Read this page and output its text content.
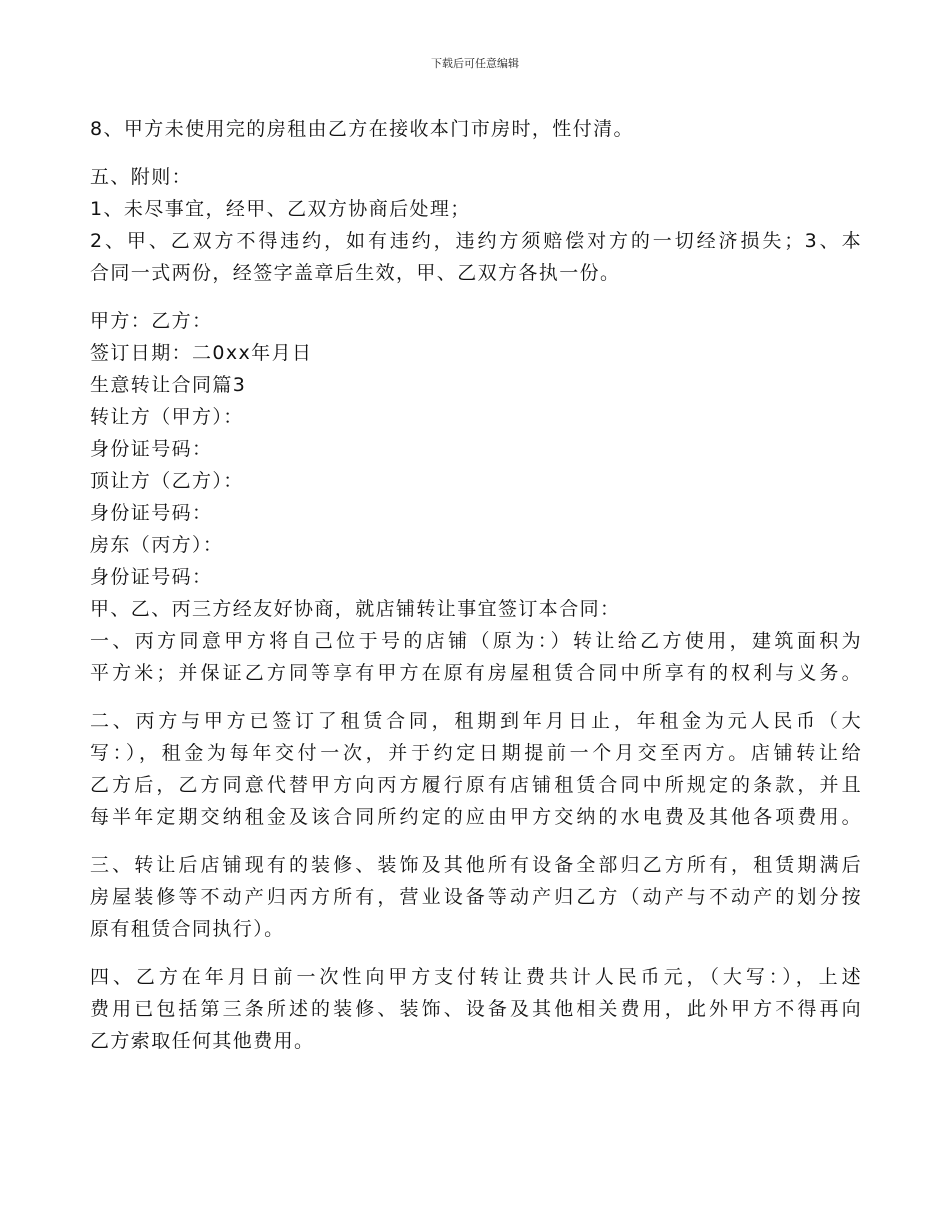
下载后可任意编辑
8、甲方未使用完的房租由乙方在接收本门市房时，性付清。
五、附则：
1、未尽事宜，经甲、乙双方协商后处理；
2、甲、乙双方不得违约，如有违约，违约方须赔偿对方的一切经济损失；3、本
合同一式两份，经签字盖章后生效，甲、乙双方各执一份。
甲方：乙方：
签订日期：二0xx年月日
生意转让合同篇3
转让方（甲方）：
身份证号码：
顶让方（乙方）：
身份证号码：
房东（丙方）：
身份证号码：
甲、乙、丙三方经友好协商，就店铺转让事宜签订本合同：
一、丙方同意甲方将自己位于号的店铺（原为：）转让给乙方使用，建筑面积为
平方米；并保证乙方同等享有甲方在原有房屋租赁合同中所享有的权利与义务。
二、丙方与甲方已签订了租赁合同，租期到年月日止，年租金为元人民币（大
写：），租金为每年交付一次，并于约定日期提前一个月交至丙方。店铺转让给
乙方后，乙方同意代替甲方向丙方履行原有店铺租赁合同中所规定的条款，并且
每半年定期交纳租金及该合同所约定的应由甲方交纳的水电费及其他各项费用。
三、转让后店铺现有的装修、装饰及其他所有设备全部归乙方所有，租赁期满后
房屋装修等不动产归丙方所有，营业设备等动产归乙方（动产与不动产的划分按
原有租赁合同执行）。
四、乙方在年月日前一次性向甲方支付转让费共计人民币元，（大写：），上述
费用已包括第三条所述的装修、装饰、设备及其他相关费用，此外甲方不得再向
乙方索取任何其他费用。
